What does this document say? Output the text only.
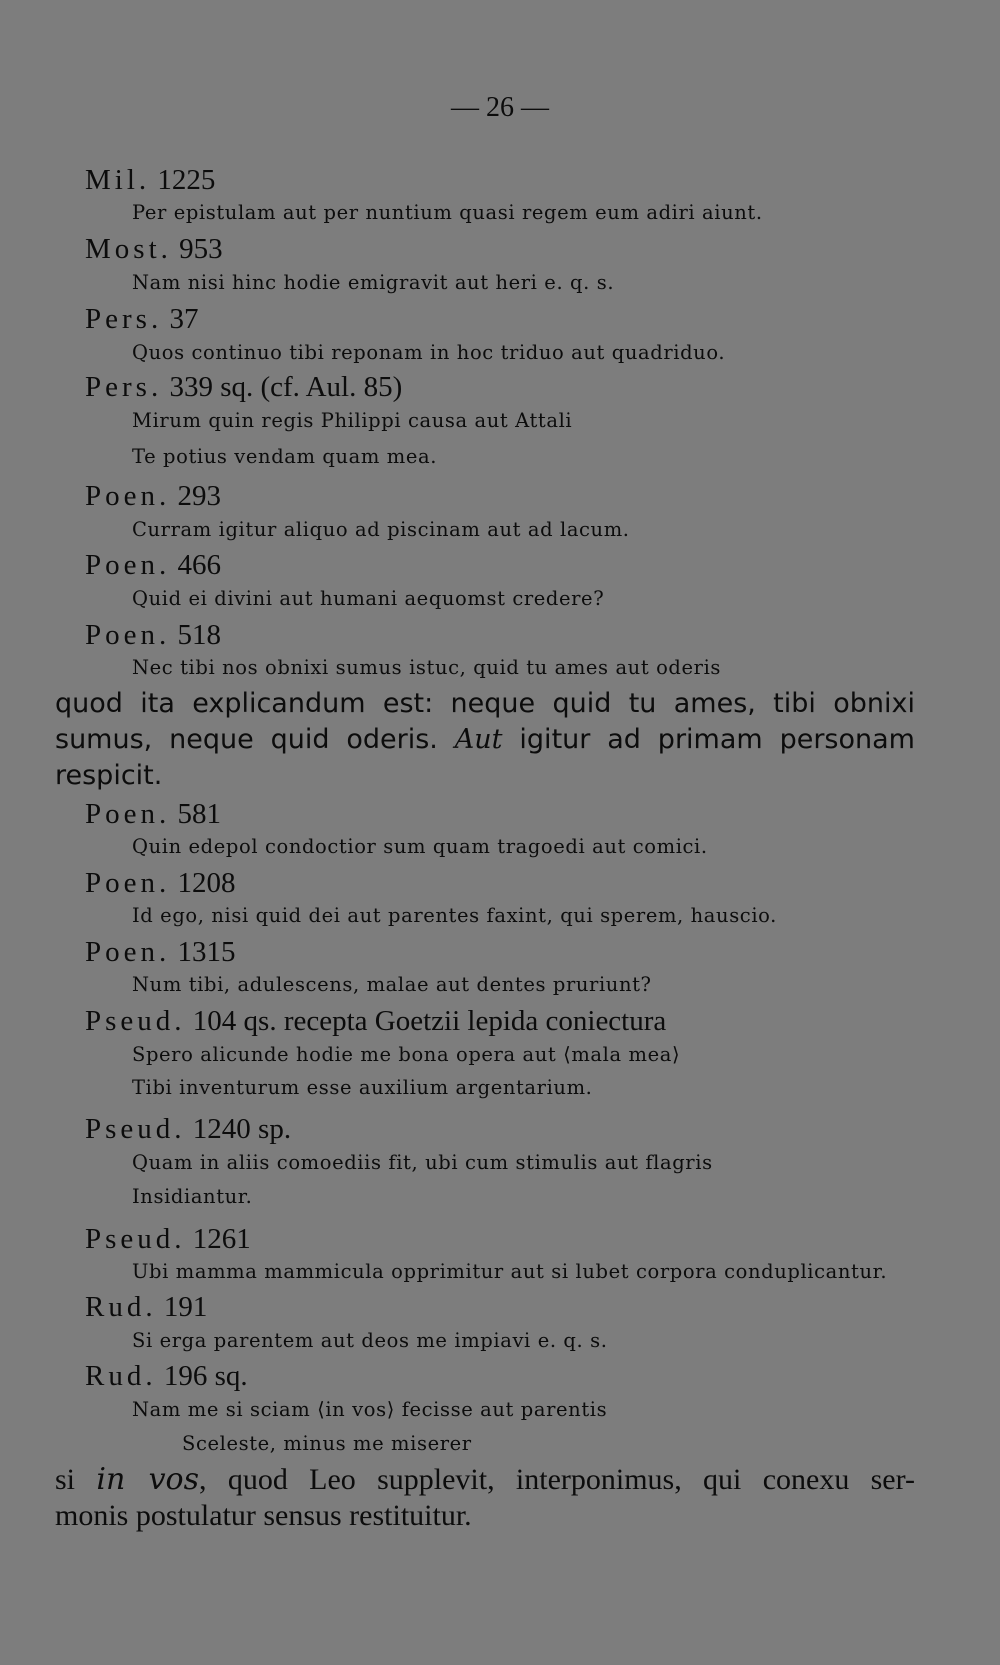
— 26 —
Mil. 1225
Per epistulam aut per nuntium quasi regem eum adiri aiunt.
Most. 953
Nam nisi hinc hodie emigravit aut heri e. q. s.
Pers. 37
Quos continuo tibi reponam in hoc triduo aut quadriduo.
Pers. 339 sq. (cf. Aul. 85)
Mirum quin regis Philippi causa aut Attali
Te potius vendam quam mea.
Poen. 293
Curram igitur aliquo ad piscinam aut ad lacum.
Poen. 466
Quid ei divini aut humani aequomst credere?
Poen. 518
Nec tibi nos obnixi sumus istuc, quid tu ames aut oderis
Poen. 581
Quin edepol condoctior sum quam tragoedi aut comici.
Poen. 1208
Id ego, nisi quid dei aut parentes faxint, qui sperem, hauscio.
Poen. 1315
Num tibi, adulescens, malae aut dentes pruriunt?
Pseud. 104 qs. recepta Goetzii lepida coniectura
Spero alicunde hodie me bona opera aut ⟨mala mea⟩
Tibi inventurum esse auxilium argentarium.
Pseud. 1240 sp.
Quam in aliis comoediis fit, ubi cum stimulis aut flagris
Insidiantur.
Pseud. 1261
Ubi mamma mammicula opprimitur aut si lubet corpora conduplicantur.
Rud. 191
Si erga parentem aut deos me impiavi e. q. s.
Rud. 196 sq.
Nam me si sciam ⟨in vos⟩ fecisse aut parentis
Sceleste, minus me miserer
quod ita explicandum est: neque quid tu ames, tibi obnixi
sumus, neque quid oderis. Aut igitur ad primam personam
respicit.
si in vos, quod Leo supplevit, interponimus, qui conexu ser-
monis postulatur sensus restituitur.
